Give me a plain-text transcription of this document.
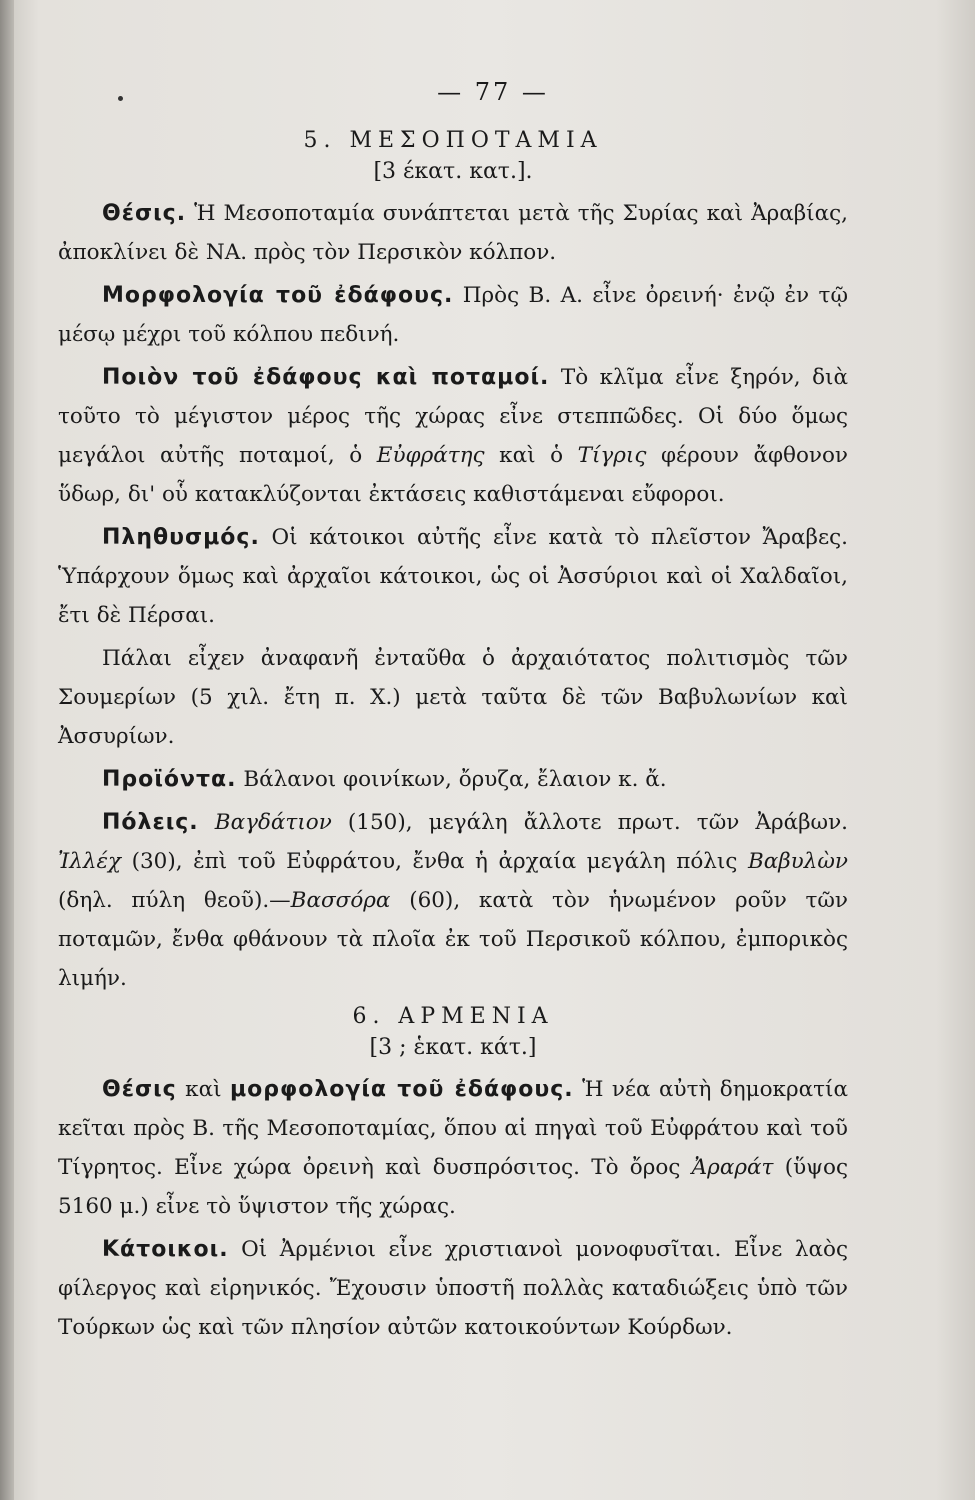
— 77 —
5. ΜΕΣΟΠΟΤΑΜΙΑ
[3 έκατ. κατ.].

Θέσις. Ἡ Μεσοποταμία συνάπτεται μετὰ τῆς Συρίας καὶ Ἀραβίας, ἀποκλίνει δὲ ΝΑ. πρὸς τὸν Περσικὸν κόλπον.

Μορφολογία τοῦ ἐδάφους. Πρὸς Β. Α. εἶνε ὀρεινή· ἐνῷ ἐν τῷ μέσῳ μέχρι τοῦ κόλπου πεδινή.

Ποιὸν τοῦ ἐδάφους καὶ ποταμοί. Τὸ κλῖμα εἶνε ξηρόν, διὰ τοῦτο τὸ μέγιστον μέρος τῆς χώρας εἶνε στεππῶδες. Οἱ δύο ὅμως μεγάλοι αὐτῆς ποταμοί, ὁ Εὐφράτης καὶ ὁ Τίγρις φέρουν ἄφθονον ὕδωρ, δι' οὗ κατακλύζονται ἐκτάσεις καθιστάμεναι εὔφοροι.

Πληθυσμός. Οἱ κάτοικοι αὐτῆς εἶνε κατὰ τὸ πλεῖστον Ἄραβες. Ὑπάρχουν ὅμως καὶ ἀρχαῖοι κάτοικοι, ὡς οἱ Ἀσσύριοι καὶ οἱ Χαλδαῖοι, ἔτι δὲ Πέρσαι.

Πάλαι εἶχεν ἀναφανῆ ἐνταῦθα ὁ ἀρχαιότατος πολιτισμὸς τῶν Σουμερίων (5 χιλ. ἔτη π. Χ.) μετὰ ταῦτα δὲ τῶν Βαβυλωνίων καὶ Ἀσσυρίων.

Προϊόντα. Βάλανοι φοινίκων, ὄρυζα, ἔλαιον κ. ἄ.

Πόλεις. Βαγδάτιον (150), μεγάλη ἄλλοτε πρωτ. τῶν Ἀράβων. Ἰλλέχ (30), ἐπὶ τοῦ Εὐφράτου, ἔνθα ἡ ἀρχαία μεγάλη πόλις Βαβυλὼν (δηλ. πύλη θεοῦ).—Βασσόρα (60), κατὰ τὸν ἡνωμένον ροῦν τῶν ποταμῶν, ἔνθα φθάνουν τὰ πλοῖα ἐκ τοῦ Περσικοῦ κόλπου, ἐμπορικὸς λιμήν.

6. ΑΡΜΕΝΙΑ
[3 ; ἑκατ. κάτ.]

Θέσις καὶ μορφολογία τοῦ ἐδάφους. Ἡ νέα αὐτὴ δημοκρατία κεῖται πρὸς Β. τῆς Μεσοποταμίας, ὅπου αἱ πηγαὶ τοῦ Εὐφράτου καὶ τοῦ Τίγρητος. Εἶνε χώρα ὀρεινὴ καὶ δυσπρόσιτος. Τὸ ὄρος Ἀραράτ (ὕψος 5160 μ.) εἶνε τὸ ὕψιστον τῆς χώρας.

Κάτοικοι. Οἱ Ἀρμένιοι εἶνε χριστιανοὶ μονοφυσῖται. Εἶνε λαὸς φίλεργος καὶ εἰρηνικός. Ἔχουσιν ὑποστῆ πολλὰς καταδιώξεις ὑπὸ τῶν Τούρκων ὡς καὶ τῶν πλησίον αὐτῶν κατοικούντων Κούρδων.
